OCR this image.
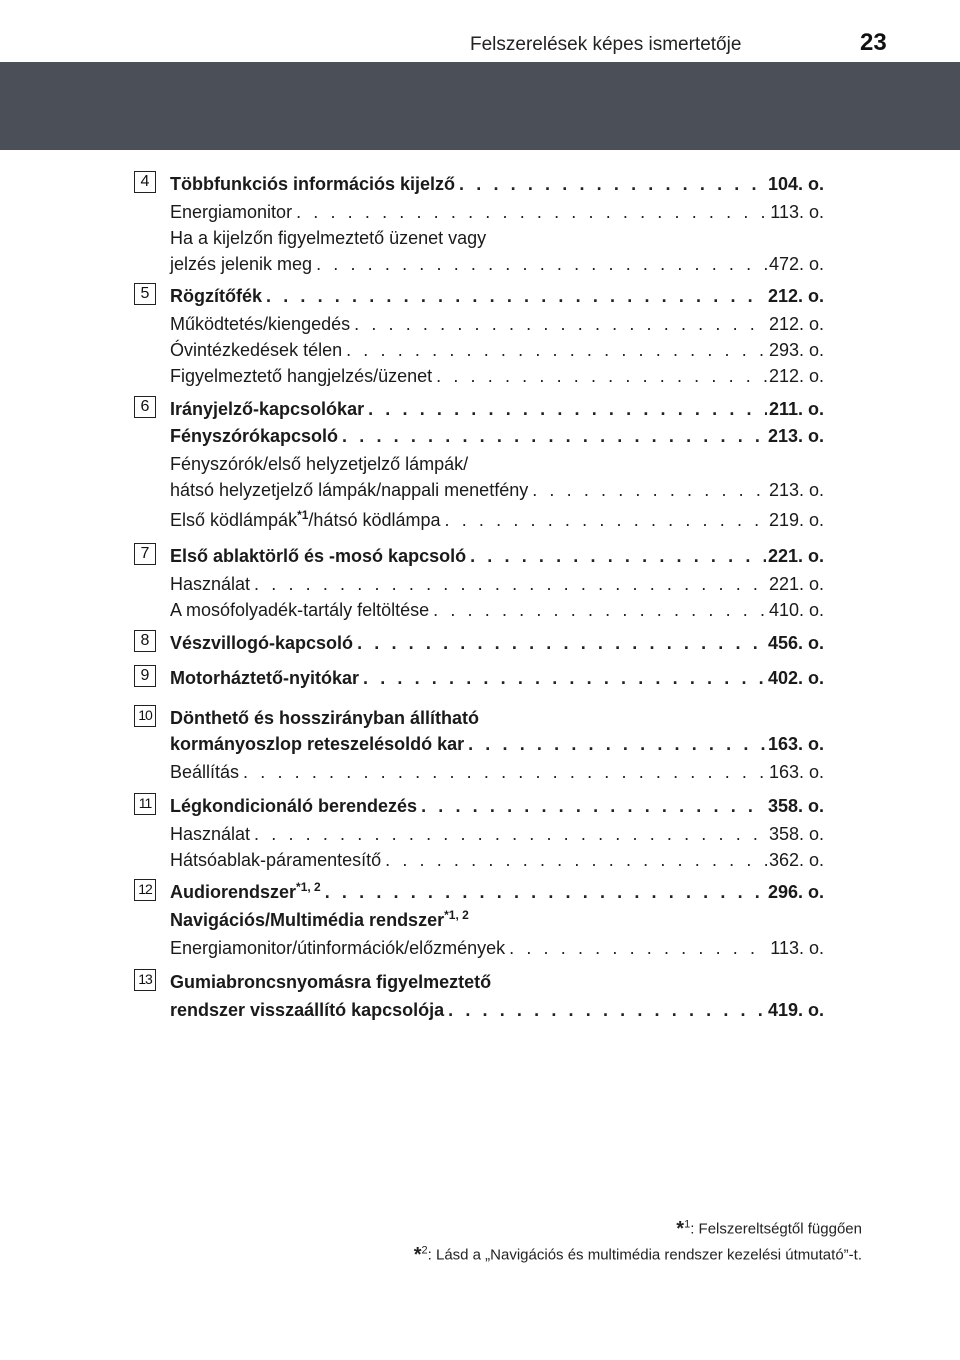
Felszerelések képes ismertetője	23
4	Többfunkciós információs kijelző . . .	104. o.
Energiamonitor . . .	113. o.
Ha a kijelzőn figyelmeztető üzenet vagy
jelzés jelenik meg . . .	472. o.
5	Rögzítőfék . . .	212. o.
Működtetés/kiengedés . . .	212. o.
Óvintézkedések télen . . .	293. o.
Figyelmeztető hangjelzés/üzenet . . .	212. o.
6	Irányjelző-kapcsolókar . . .	211. o.
Fényszórókapcsoló . . .	213. o.
Fényszórók/első helyzetjelző lámpák/
hátsó helyzetjelző lámpák/nappali menetfény . . .	213. o.
Első ködlámpák$^{*1}$/hátsó ködlámpa . . .	219. o.
7	Első ablaktörlő és -mosó kapcsoló . . .	221. o.
Használat . . .	221. o.
A mosófolyadék-tartály feltöltése . . .	410. o.
8	Vészvillogó-kapcsoló . . .	456. o.
9	Motorháztető-nyitókar . . .	402. o.
10 Dönthető és hosszirányban állítható
kormányoszlop reteszelésoldó kar . . .	163. o.
Beállítás . . .	163. o.
11 Légkondicionáló berendezés . . .	358. o.
Használat . . .	358. o.
Hátsóablak-páramentesítő . . .	362. o.
12 Audiorendszer$^{*1, 2}$ . . .	296. o.
Navigációs/Multimédia rendszer$^{*1, 2}$
Energiamonitor/útinformációk/előzmények . . .	113. o.
13 Gumiabroncsnyomásra figyelmeztető
rendszer visszaállító kapcsolója . . .	419. o.
*$^1$: Felszereltségtől függően
*$^2$: Lásd a „Navigációs és multimédia rendszer kezelési útmutató”-t.
